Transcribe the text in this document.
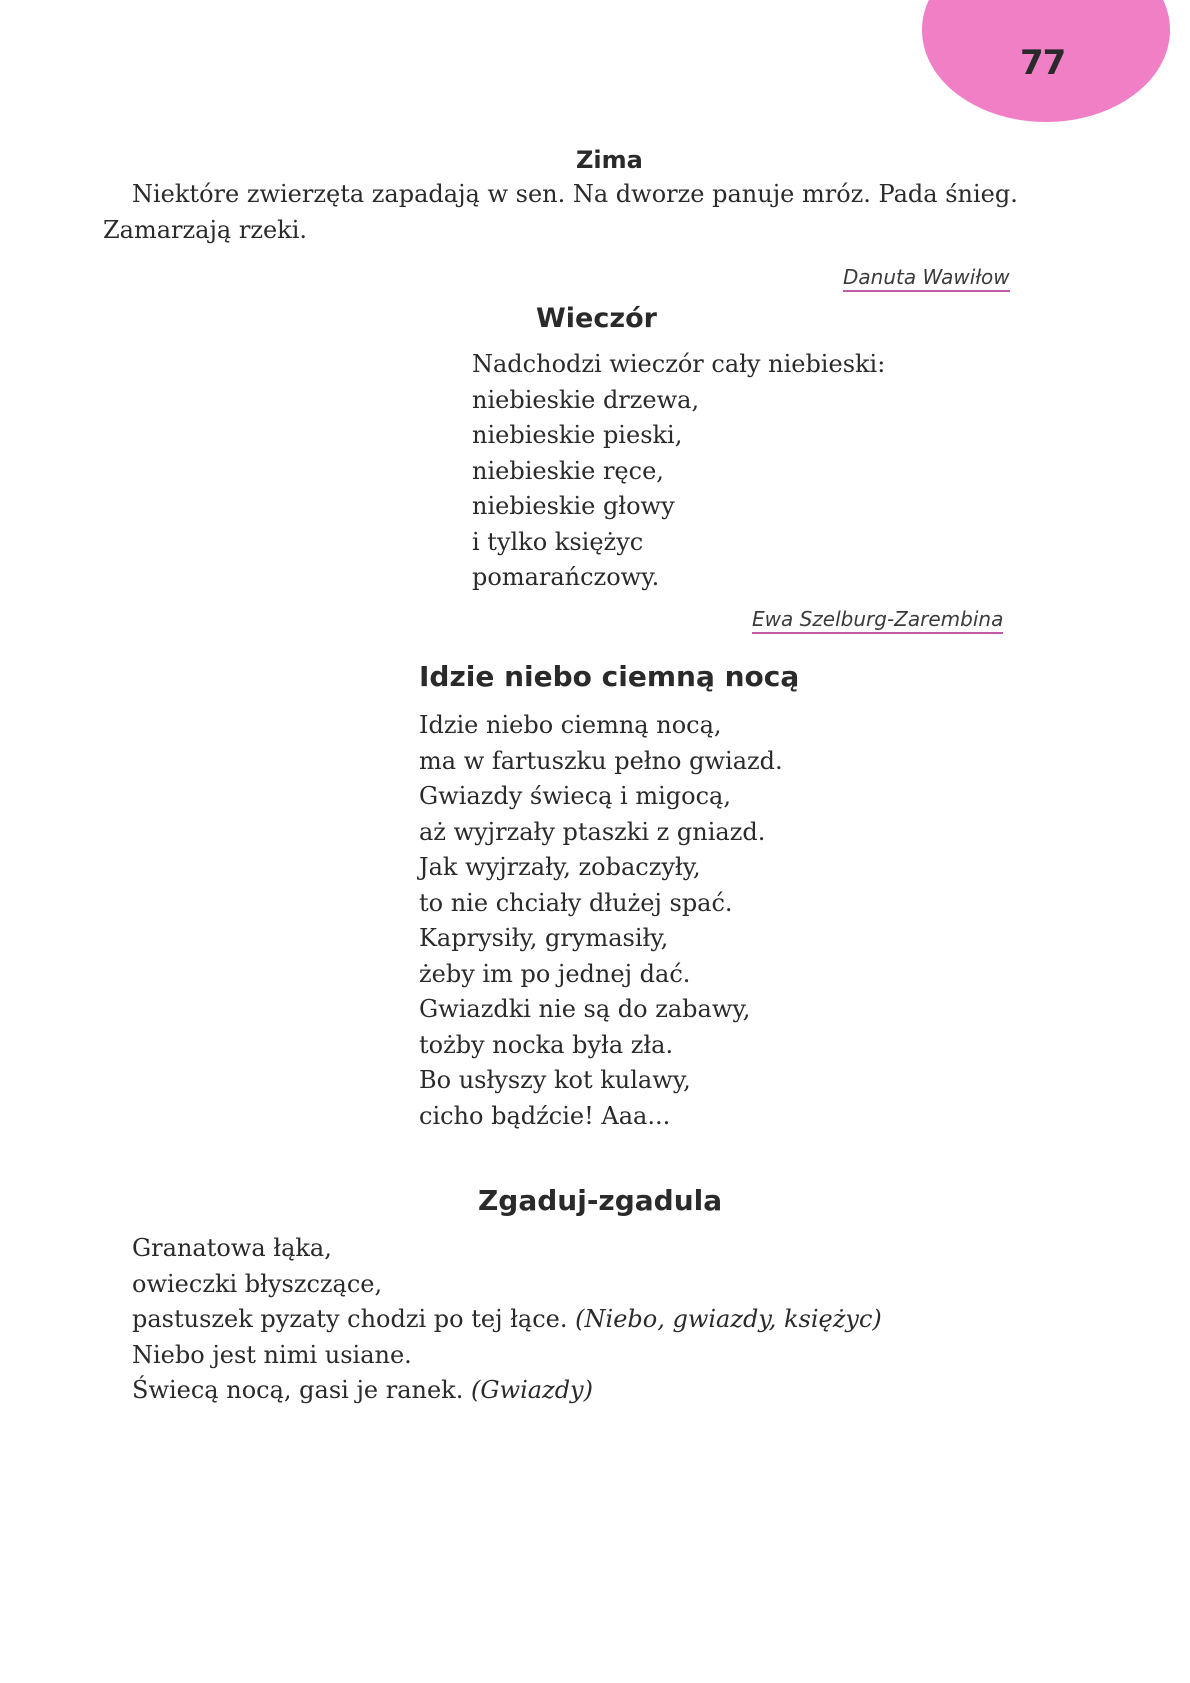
77
Zima
Niektóre zwierzęta zapadają w sen. Na dworze panuje mróz. Pada śnieg.
Zamarzają rzeki.
Danuta Wawiłow
Wieczór
Nadchodzi wieczór cały niebieski:
niebieskie drzewa,
niebieskie pieski,
niebieskie ręce,
niebieskie głowy
i tylko księżyc
pomarańczowy.
Ewa Szelburg-Zarembina
Idzie niebo ciemną nocą
Idzie niebo ciemną nocą,
ma w fartuszku pełno gwiazd.
Gwiazdy świecą i migocą,
aż wyjrzały ptaszki z gniazd.
Jak wyjrzały, zobaczyły,
to nie chciały dłużej spać.
Kaprysiły, grymasiły,
żeby im po jednej dać.
Gwiazdki nie są do zabawy,
tożby nocka była zła.
Bo usłyszy kot kulawy,
cicho bądźcie! Aaa...
Zgaduj-zgadula
Granatowa łąka,
owieczki błyszczące,
pastuszek pyzaty chodzi po tej łące. (Niebo, gwiazdy, księżyc)
Niebo jest nimi usiane.
Świecą nocą, gasi je ranek. (Gwiazdy)
